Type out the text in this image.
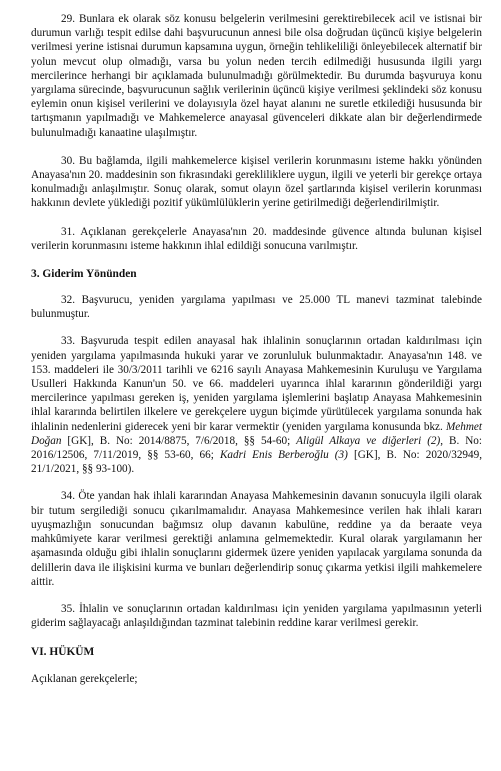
29. Bunlara ek olarak söz konusu belgelerin verilmesini gerektirebilecek acil ve istisnai bir durumun varlığı tespit edilse dahi başvurucunun annesi bile olsa doğrudan üçüncü kişiye belgelerin verilmesi yerine istisnai durumun kapsamına uygun, örneğin tehlikeliliği önleyebilecek alternatif bir yolun mevcut olup olmadığı, varsa bu yolun neden tercih edilmediği hususunda ilgili yargı mercilerince herhangi bir açıklamada bulunulmadığı görülmektedir. Bu durumda başvuruya konu yargılama sürecinde, başvurucunun sağlık verilerinin üçüncü kişiye verilmesi şeklindeki söz konusu eylemin onun kişisel verilerini ve dolayısıyla özel hayat alanını ne suretle etkilediği hususunda bir tartışmanın yapılmadığı ve Mahkemelerce anayasal güvenceleri dikkate alan bir değerlendirmede bulunulmadığı kanaatine ulaşılmıştır.

30. Bu bağlamda, ilgili mahkemelerce kişisel verilerin korunmasını isteme hakkı yönünden Anayasa'nın 20. maddesinin son fıkrasındaki gerekliliklere uygun, ilgili ve yeterli bir gerekçe ortaya konulmadığı anlaşılmıştır. Sonuç olarak, somut olayın özel şartlarında kişisel verilerin korunması hakkının devlete yüklediği pozitif yükümlülüklerin yerine getirilmediği değerlendirilmiştir.

31. Açıklanan gerekçelerle Anayasa'nın 20. maddesinde güvence altında bulunan kişisel verilerin korunmasını isteme hakkının ihlal edildiği sonucuna varılmıştır.

3. Giderim Yönünden

32. Başvurucu, yeniden yargılama yapılması ve 25.000 TL manevi tazminat talebinde bulunmuştur.

33. Başvuruda tespit edilen anayasal hak ihlalinin sonuçlarının ortadan kaldırılması için yeniden yargılama yapılmasında hukuki yarar ve zorunluluk bulunmaktadır. Anayasa'nın 148. ve 153. maddeleri ile 30/3/2011 tarihli ve 6216 sayılı Anayasa Mahkemesinin Kuruluşu ve Yargılama Usulleri Hakkında Kanun'un 50. ve 66. maddeleri uyarınca ihlal kararının gönderildiği yargı mercilerince yapılması gereken iş, yeniden yargılama işlemlerini başlatıp Anayasa Mahkemesinin ihlal kararında belirtilen ilkelere ve gerekçelere uygun biçimde yürütülecek yargılama sonunda hak ihlalinin nedenlerini giderecek yeni bir karar vermektir (yeniden yargılama konusunda bkz. Mehmet Doğan [GK], B. No: 2014/8875, 7/6/2018, §§ 54-60; Aligül Alkaya ve diğerleri (2), B. No: 2016/12506, 7/11/2019, §§ 53-60, 66; Kadri Enis Berberoğlu (3) [GK], B. No: 2020/32949, 21/1/2021, §§ 93-100).

34. Öte yandan hak ihlali kararından Anayasa Mahkemesinin davanın sonucuyla ilgili olarak bir tutum sergilediği sonucu çıkarılmamalıdır. Anayasa Mahkemesince verilen hak ihlali kararı uyuşmazlığın sonucundan bağımsız olup davanın kabulüne, reddine ya da beraate veya mahkûmiyete karar verilmesi gerektiği anlamına gelmemektedir. Kural olarak yargılamanın her aşamasında olduğu gibi ihlalin sonuçlarını gidermek üzere yeniden yapılacak yargılama sonunda da delillerin dava ile ilişkisini kurma ve bunları değerlendirip sonuç çıkarma yetkisi ilgili mahkemelere aittir.

35. İhlalin ve sonuçlarının ortadan kaldırılması için yeniden yargılama yapılmasının yeterli giderim sağlayacağı anlaşıldığından tazminat talebinin reddine karar verilmesi gerekir.

VI. HÜKÜM

Açıklanan gerekçelerle;
